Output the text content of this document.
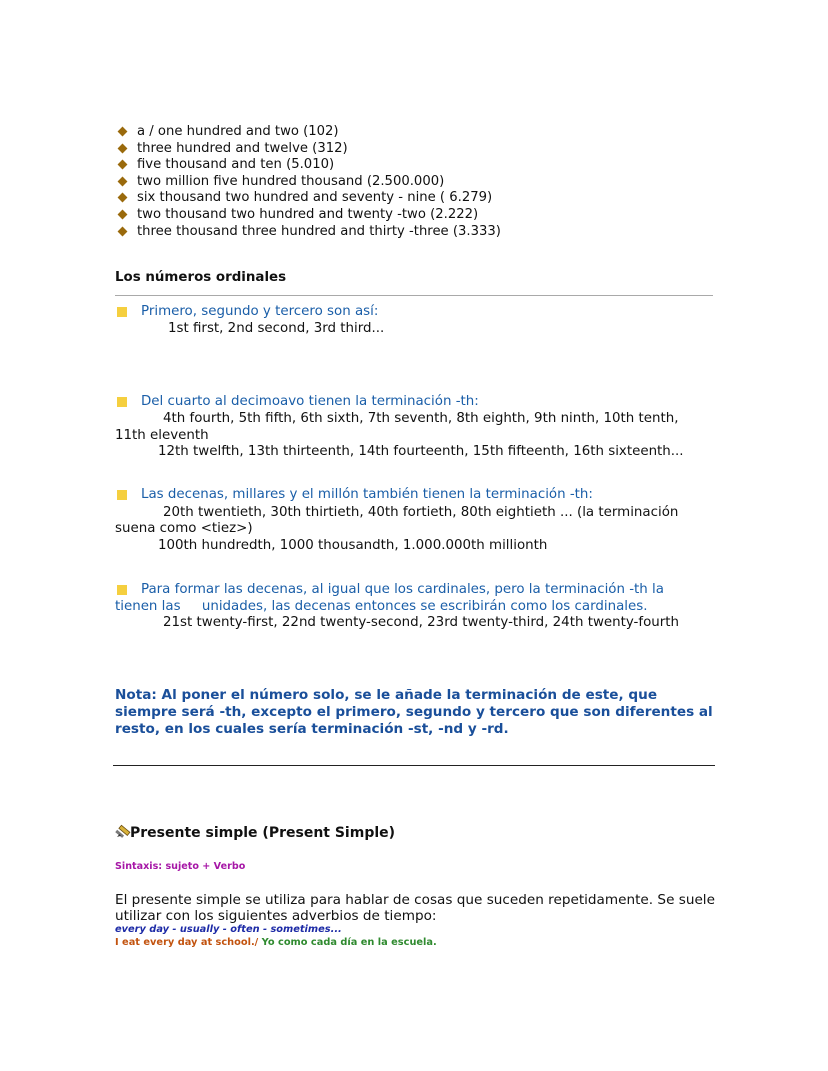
a / one hundred and two (102)
three hundred and twelve (312)
five thousand and ten (5.010)
two million five hundred thousand (2.500.000)
six thousand two hundred and seventy - nine ( 6.279)
two thousand two hundred and twenty -two (2.222)
three thousand three hundred and thirty -three (3.333)
Los números ordinales
Primero, segundo y tercero son así:
1st first, 2nd second, 3rd third...
Del cuarto al decimoavo tienen la terminación -th:
4th fourth, 5th fifth, 6th sixth, 7th seventh, 8th eighth, 9th ninth, 10th tenth,
11th eleventh
12th twelfth, 13th thirteenth, 14th fourteenth, 15th fifteenth, 16th sixteenth...
Las decenas, millares y el millón también tienen la terminación -th:
20th twentieth, 30th thirtieth, 40th fortieth, 80th eightieth ... (la terminación
suena como <tiez>)
100th hundredth, 1000 thousandth, 1.000.000th millionth
Para formar las decenas, al igual que los cardinales, pero la terminación -th la
tienen las     unidades, las decenas entonces se escribirán como los cardinales.
21st twenty-first, 22nd twenty-second, 23rd twenty-third, 24th twenty-fourth
Nota: Al poner el número solo, se le añade la terminación de este, que siempre será -th, excepto el primero, segundo y tercero que son diferentes al resto, en los cuales sería terminación -st, -nd y -rd.
Presente simple (Present Simple)
Sintaxis: sujeto + Verbo
El presente simple se utiliza para hablar de cosas que suceden repetidamente. Se suele utilizar con los siguientes adverbios de tiempo:
every day - usually - often - sometimes...
I eat every day at school./ Yo como cada día en la escuela.
